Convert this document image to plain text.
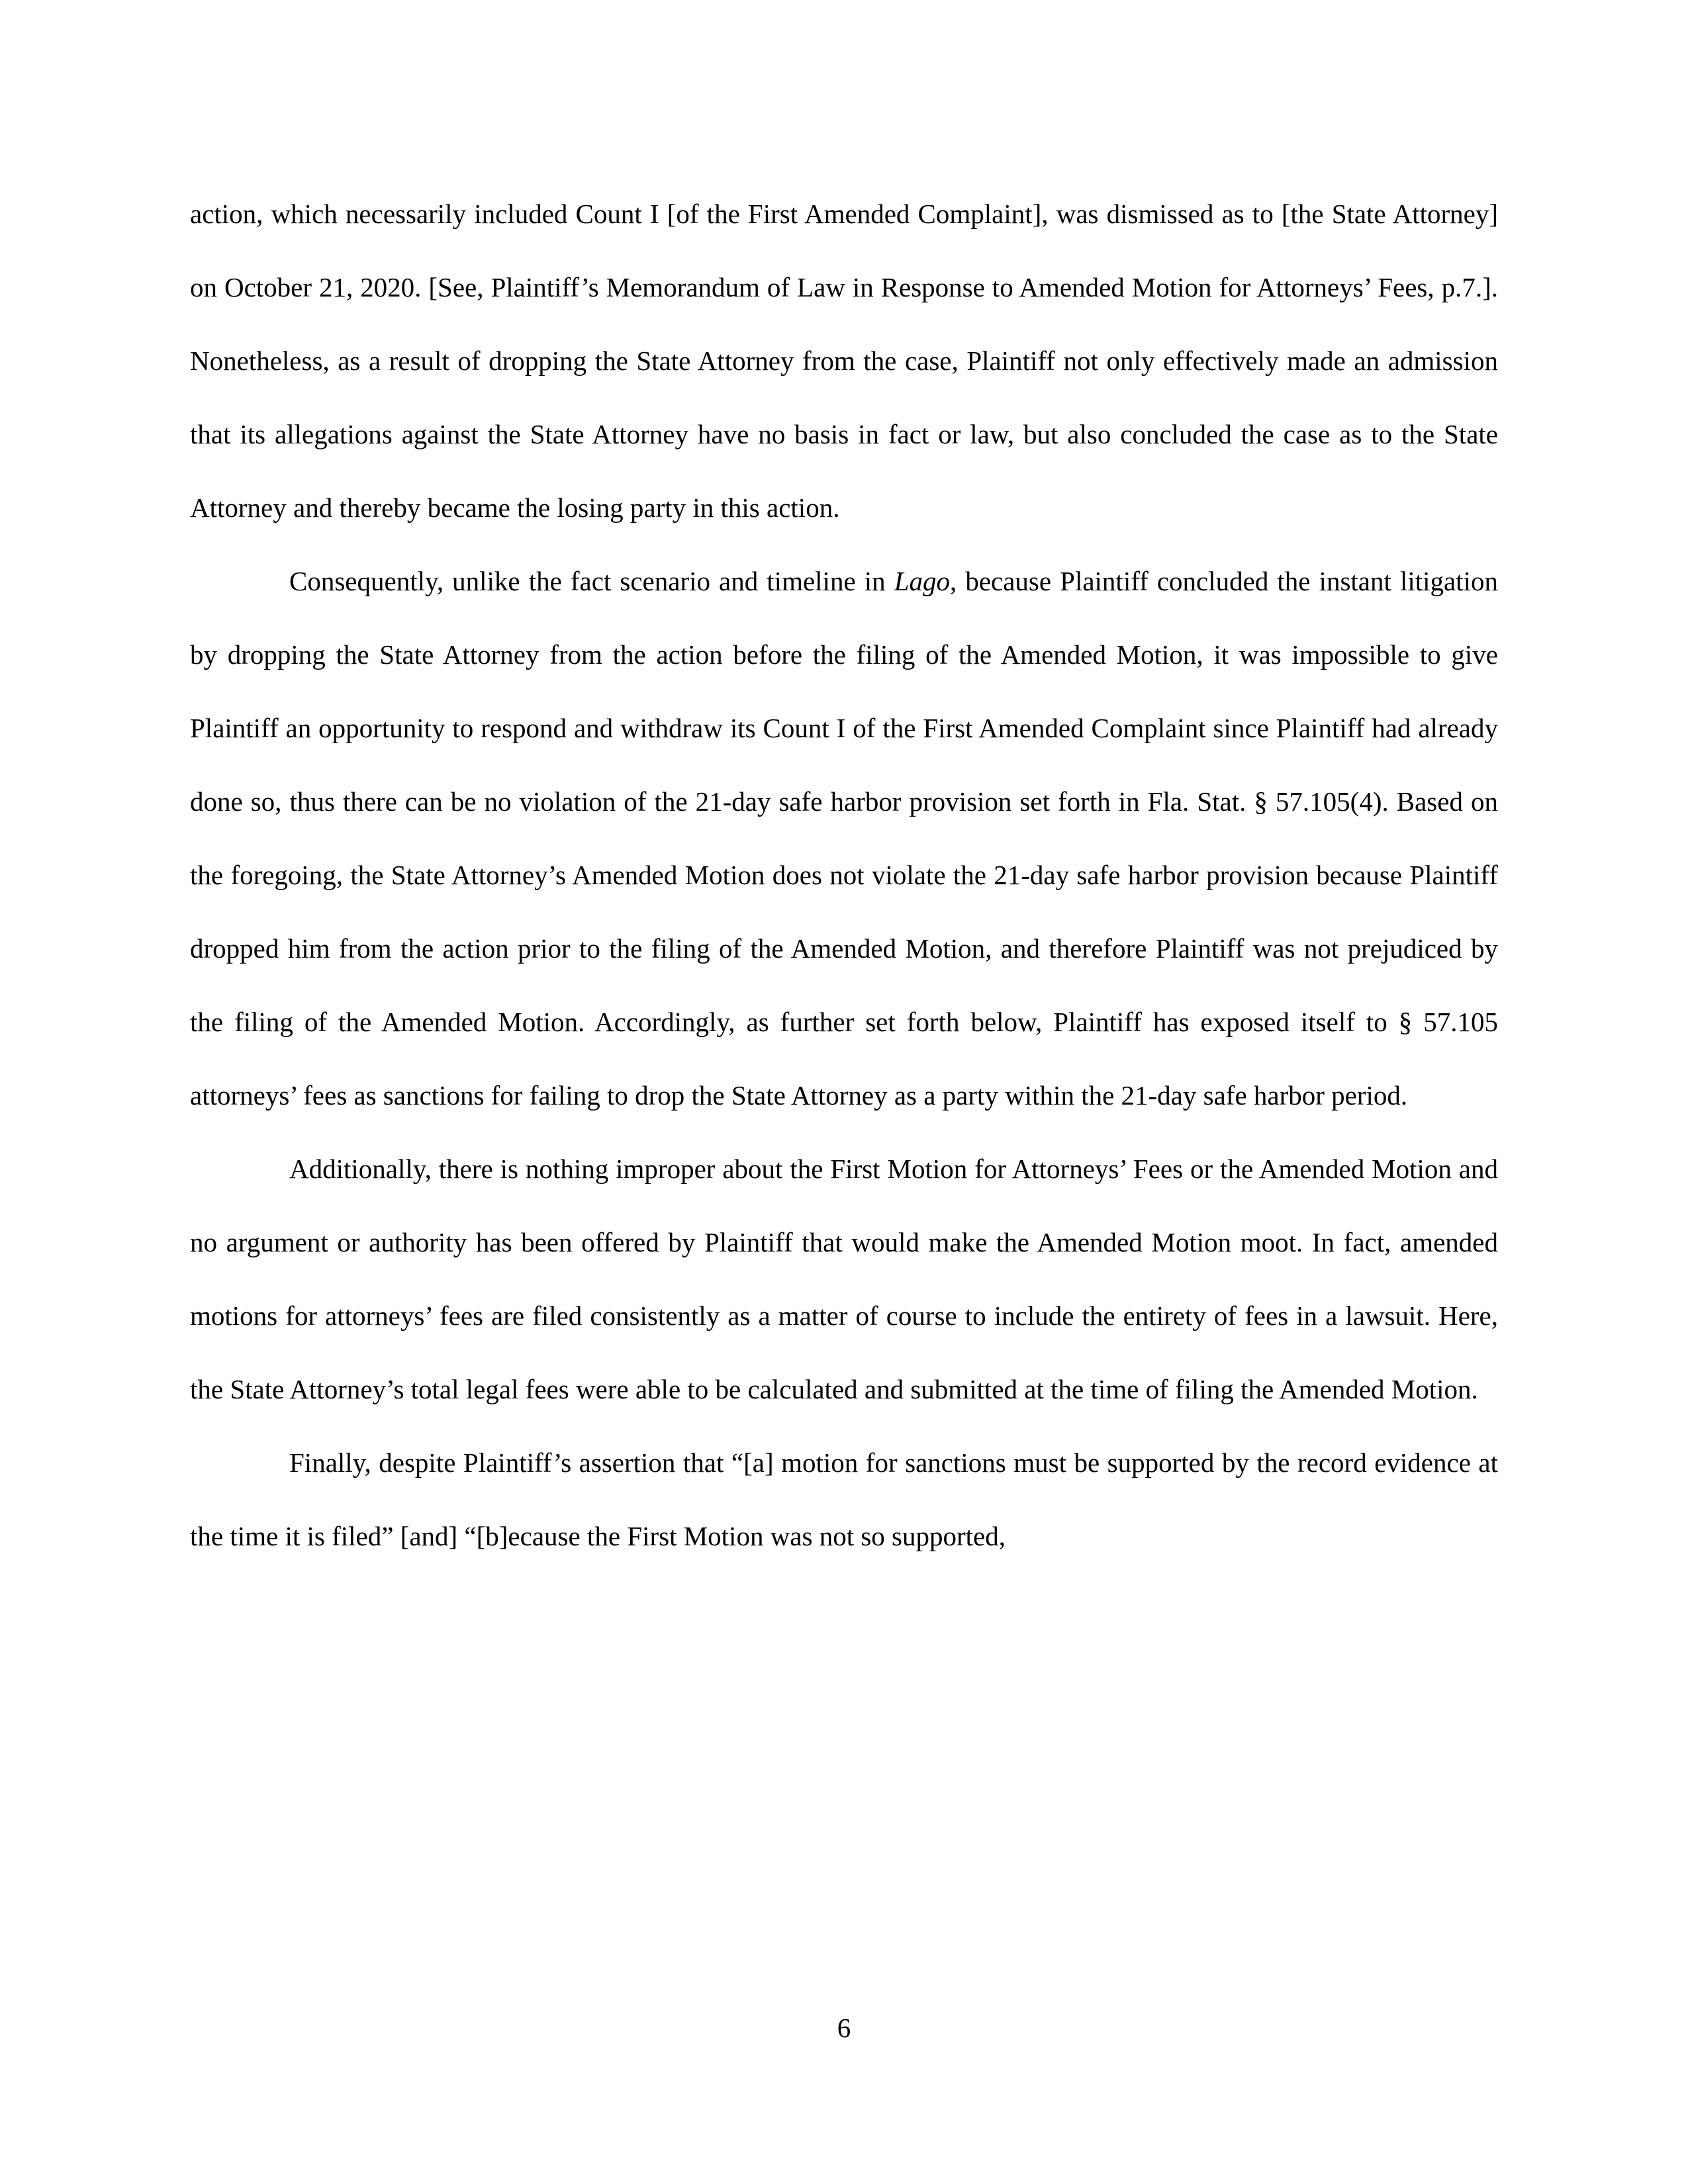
action, which necessarily included Count I [of the First Amended Complaint], was dismissed as to [the State Attorney] on October 21, 2020. [See, Plaintiff’s Memorandum of Law in Response to Amended Motion for Attorneys’ Fees, p.7.]. Nonetheless, as a result of dropping the State Attorney from the case, Plaintiff not only effectively made an admission that its allegations against the State Attorney have no basis in fact or law, but also concluded the case as to the State Attorney and thereby became the losing party in this action.

Consequently, unlike the fact scenario and timeline in Lago, because Plaintiff concluded the instant litigation by dropping the State Attorney from the action before the filing of the Amended Motion, it was impossible to give Plaintiff an opportunity to respond and withdraw its Count I of the First Amended Complaint since Plaintiff had already done so, thus there can be no violation of the 21-day safe harbor provision set forth in Fla. Stat. § 57.105(4). Based on the foregoing, the State Attorney’s Amended Motion does not violate the 21-day safe harbor provision because Plaintiff dropped him from the action prior to the filing of the Amended Motion, and therefore Plaintiff was not prejudiced by the filing of the Amended Motion. Accordingly, as further set forth below, Plaintiff has exposed itself to § 57.105 attorneys’ fees as sanctions for failing to drop the State Attorney as a party within the 21-day safe harbor period.

Additionally, there is nothing improper about the First Motion for Attorneys’ Fees or the Amended Motion and no argument or authority has been offered by Plaintiff that would make the Amended Motion moot. In fact, amended motions for attorneys’ fees are filed consistently as a matter of course to include the entirety of fees in a lawsuit. Here, the State Attorney’s total legal fees were able to be calculated and submitted at the time of filing the Amended Motion.

Finally, despite Plaintiff’s assertion that “[a] motion for sanctions must be supported by the record evidence at the time it is filed” [and] “[b]ecause the First Motion was not so supported,

6
